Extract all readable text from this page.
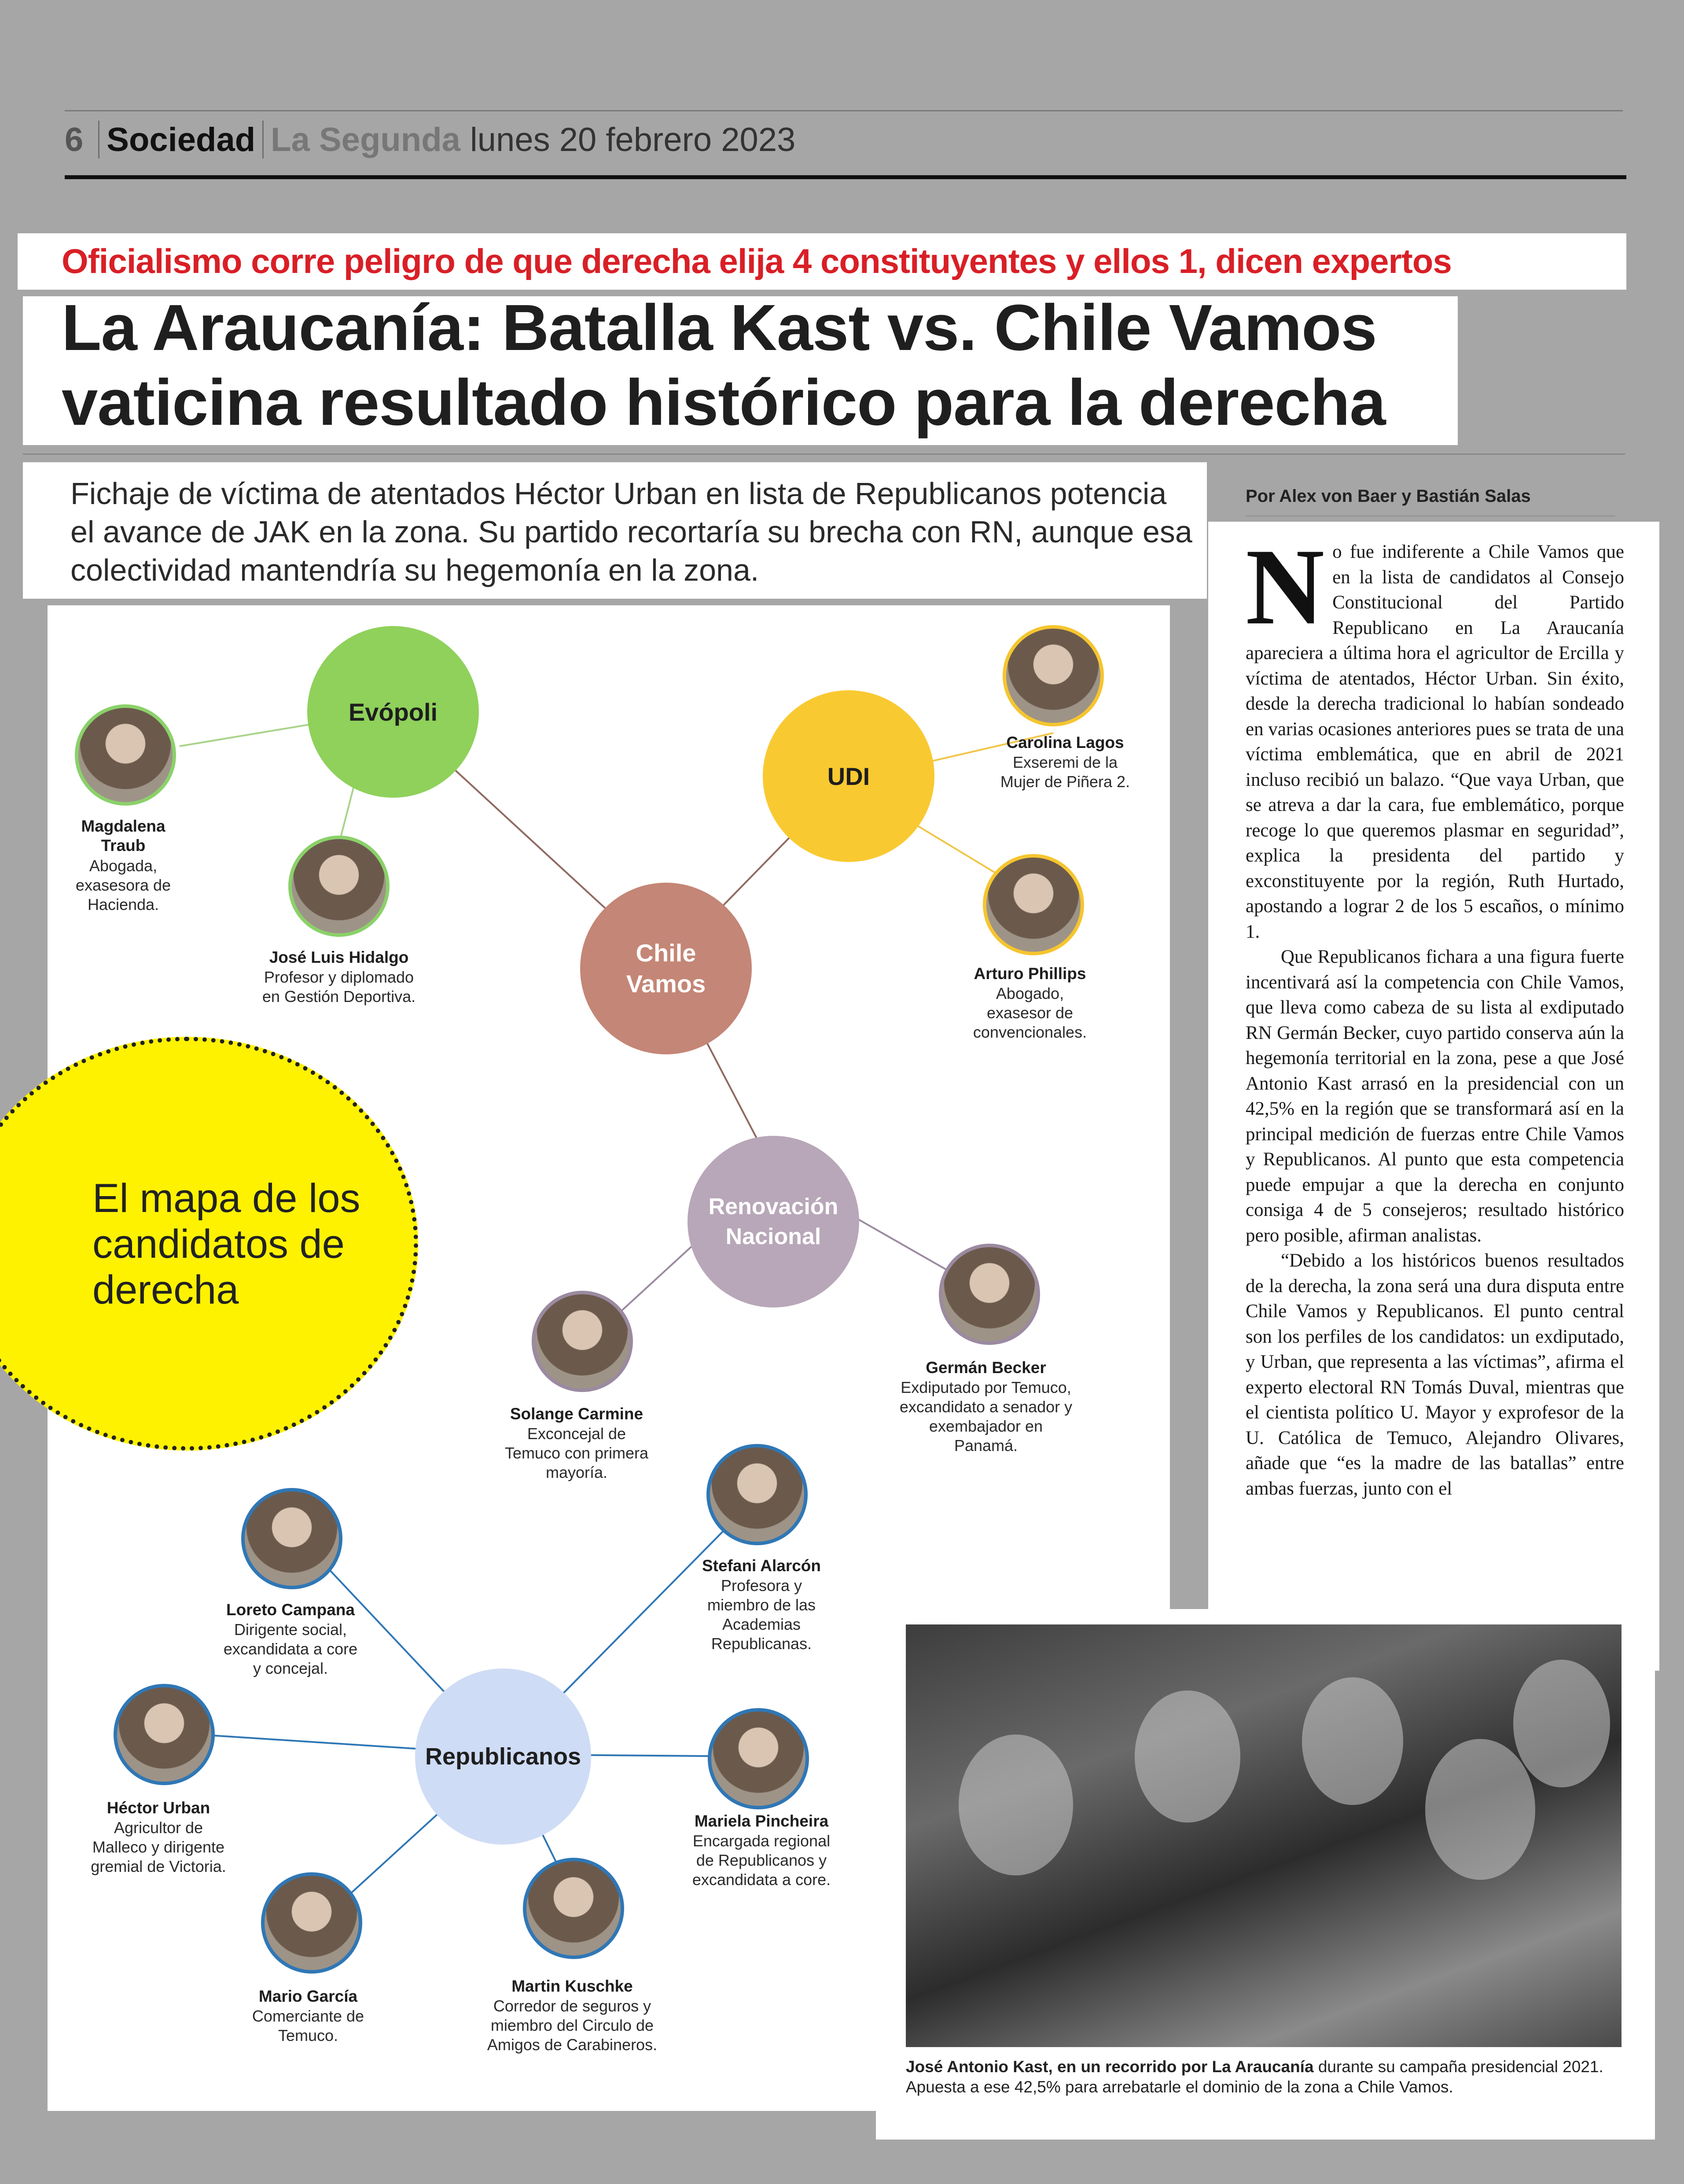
6 Sociedad La Segunda lunes 20 febrero 2023
Oficialismo corre peligro de que derecha elija 4 constituyentes y ellos 1, dicen expertos
La Araucanía: Batalla Kast vs. Chile Vamos vaticina resultado histórico para la derecha
Fichaje de víctima de atentados Héctor Urban en lista de Republicanos potencia el avance de JAK en la zona. Su partido recortaría su brecha con RN, aunque esa colectividad mantendría su hegemonía en la zona.
Por Alex von Baer y Bastián Salas
N o fue indiferente a Chile Vamos que en la lista de candidatos al Consejo Constitucional del Partido Republicano en La Araucanía apareciera a última hora el agricultor de Ercilla y víctima de atentados, Héctor Urban. Sin éxito, desde la derecha tradicional lo habían sondeado en varias ocasiones anteriores pues se trata de una víctima emblemática, que en abril de 2021 incluso recibió un balazo. “Que vaya Urban, que se atreva a dar la cara, fue emblemático, porque recoge lo que queremos plasmar en seguridad”, explica la presidenta del partido y exconstituyente por la región, Ruth Hurtado, apostando a lograr 2 de los 5 escaños, o mínimo 1.

Que Republicanos fichara a una figura fuerte incentivará así la competencia con Chile Vamos, que lleva como cabeza de su lista al exdiputado RN Germán Becker, cuyo partido conserva aún la hegemonía territorial en la zona, pese a que José Antonio Kast arrasó en la presidencial con un 42,5% en la región que se transformará así en la principal medición de fuerzas entre Chile Vamos y Republicanos. Al punto que esta competencia puede empujar a que la derecha en conjunto consiga 4 de 5 consejeros; resultado histórico pero posible, afirman analistas.

“Debido a los históricos buenos resultados de la derecha, la zona será una dura disputa entre Chile Vamos y Republicanos. El punto central son los perfiles de los candidatos: un exdiputado, y Urban, que representa a las víctimas”, afirma el experto electoral RN Tomás Duval, mientras que el cientista político U. Mayor y exprofesor de la U. Católica de Temuco, Alejandro Olivares, añade que “es la madre de las batallas” entre ambas fuerzas, junto con el

El mapa de los
candidatos de
derecha
Evópoli
UDI
Chile
Vamos
Renovación
Nacional
Republicanos
Magdalena
Traub
Abogada,
exasesora de
Hacienda.
José Luis Hidalgo
Profesor y diplomado
en Gestión Deportiva.
Carolina Lagos
Exseremi de la
Mujer de Piñera 2.
Arturo Phillips
Abogado,
exasesor de
convencionales.
Solange Carmine
Exconcejal de
Temuco con primera
mayoría.
Germán Becker
Exdiputado por Temuco,
excandidato a senador y
exembajador en
Panamá.
Loreto Campana
Dirigente social,
excandidata a core
y concejal.
Stefani Alarcón
Profesora y
miembro de las
Academias
Republicanas.
Héctor Urban
Agricultor de
Malleco y dirigente
gremial de Victoria.
Mariela Pincheira
Encargada regional
de Republicanos y
excandidata a core.
Mario García
Comerciante de
Temuco.
Martin Kuschke
Corredor de seguros y
miembro del Circulo de
Amigos de Carabineros.
José Antonio Kast, en un recorrido por La Araucanía durante su campaña presidencial 2021. Apuesta a ese 42,5% para arrebatarle el dominio de la zona a Chile Vamos.
